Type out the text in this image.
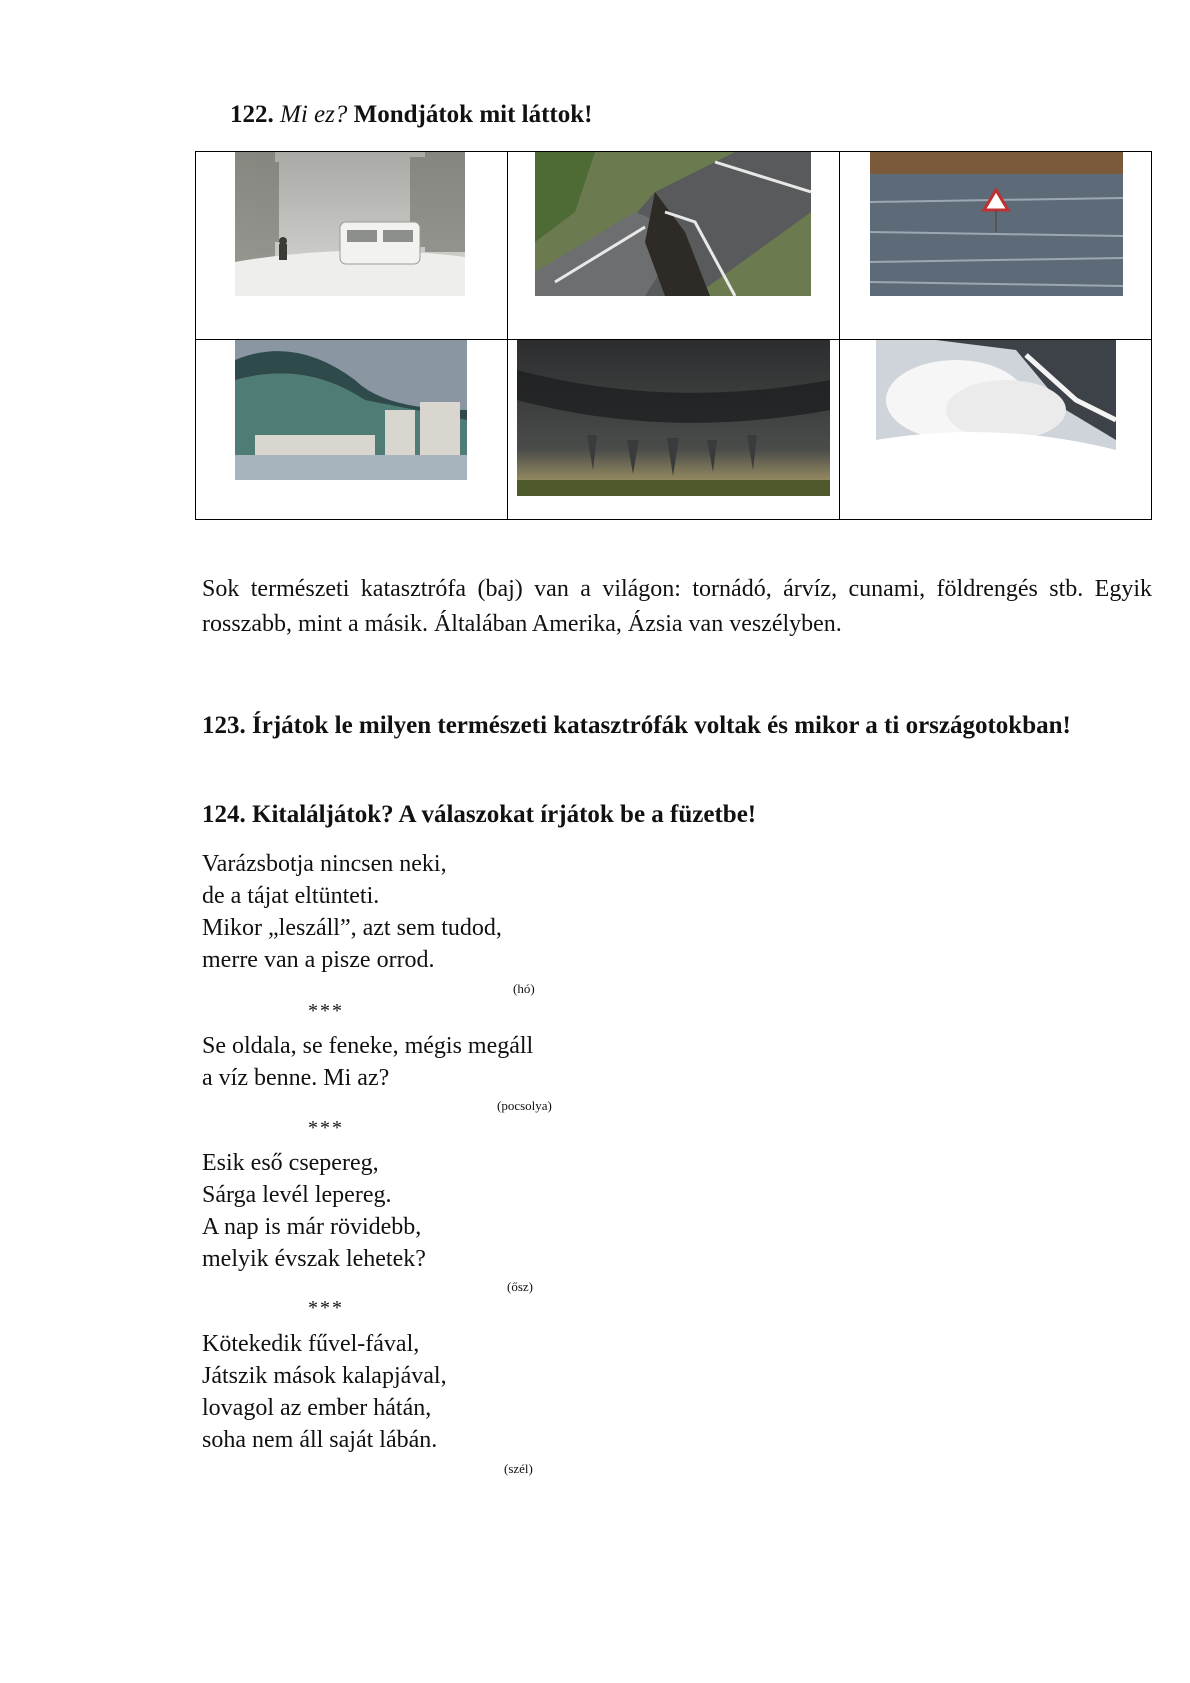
122. Mi ez? Mondjátok mit láttok!

Sok természeti katasztrófa (baj) van a világon: tornádó, árvíz, cunami, földrengés stb. Egyik rosszabb, mint a másik. Általában Amerika, Ázsia van veszélyben.
123. Írjátok le milyen természeti katasztrófák voltak és mikor a ti országotokban!
124. Kitaláljátok? A válaszokat írjátok be a füzetbe!
Varázsbotja nincsen neki,
de a tájat eltünteti.
Mikor „leszáll”, azt sem tudod,
merre van a pisze orrod.
(hó)
***
Se oldala, se feneke, mégis megáll
a víz benne. Mi az?
(pocsolya)
***
Esik eső csepereg,
Sárga levél lepereg.
A nap is már rövidebb,
melyik évszak lehetek?
(ősz)
***
Kötekedik fűvel-fával,
Játszik mások kalapjával,
lovagol az ember hátán,
soha nem áll saját lábán.
(szél)
